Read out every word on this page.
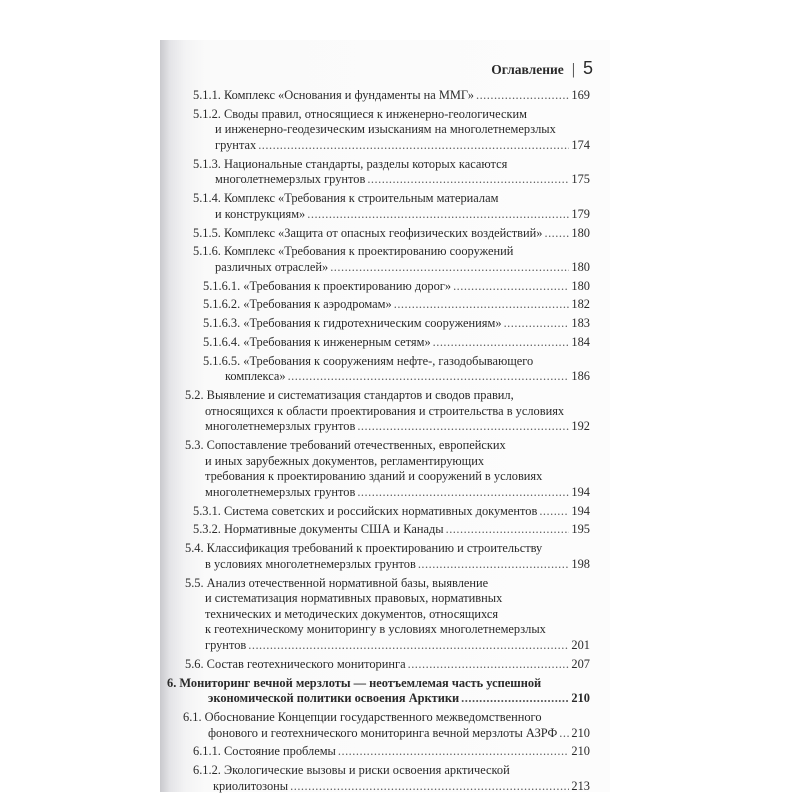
Оглавление | 5
5.1.1. Комплекс «Основания и фундаменты на ММГ» .....	169
5.1.2. Своды правил, относящиеся к инженерно-геологическим
и инженерно-геодезическим изысканиям на многолетнемерзлых
грунтах .....	174
5.1.3. Национальные стандарты, разделы которых касаются
многолетнемерзлых грунтов .....	175
5.1.4. Комплекс «Требования к строительным материалам
и конструкциям» .....	179
5.1.5. Комплекс «Защита от опасных геофизических воздействий» ..... 180
5.1.6. Комплекс «Требования к проектированию сооружений
различных отраслей» .....	180
5.1.6.1. «Требования к проектированию дорог» .....	180
5.1.6.2. «Требования к аэродромам» .....	182
5.1.6.3. «Требования к гидротехническим сооружениям» .....	183
5.1.6.4. «Требования к инженерным сетям» .....	184
5.1.6.5. «Требования к сооружениям нефте-, газодобывающего
комплекса» .....	186
5.2. Выявление и систематизация стандартов и сводов правил,
относящихся к области проектирования и строительства в условиях
многолетнемерзлых грунтов .....	192
5.3. Сопоставление требований отечественных, европейских
и иных зарубежных документов, регламентирующих
требования к проектированию зданий и сооружений в условиях
многолетнемерзлых грунтов .....	194
5.3.1. Система советских и российских нормативных документов .....	194
5.3.2. Нормативные документы США и Канады .....	195
5.4. Классификация требований к проектированию и строительству
в условиях многолетнемерзлых грунтов .....	198
5.5. Анализ отечественной нормативной базы, выявление
и систематизация нормативных правовых, нормативных
технических и методических документов, относящихся
к геотехническому мониторингу в условиях многолетнемерзлых
грунтов .....	201
5.6. Состав геотехнического мониторинга .....	207
6. Мониторинг вечной мерзлоты — неотъемлемая часть успешной
экономической политики освоения Арктики .....	210
6.1. Обоснование Концепции государственного межведомственного
фонового и геотехнического мониторинга вечной мерзлоты АЗРФ ..... 210
6.1.1. Состояние проблемы .....	210
6.1.2. Экологические вызовы и риски освоения арктической
криолитозоны .....	213
